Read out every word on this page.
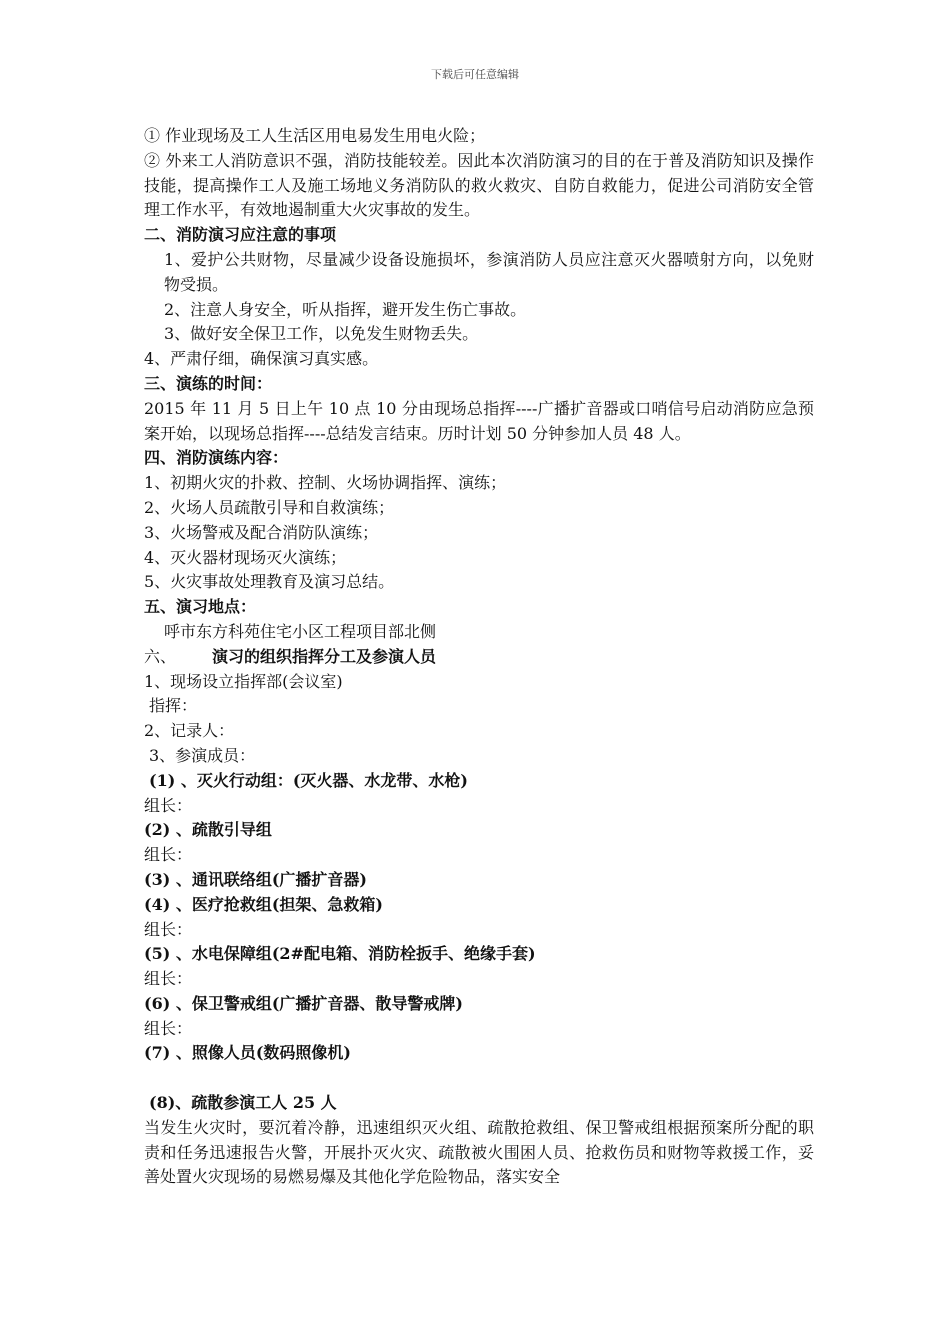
下载后可任意编辑
① 作业现场及工人生活区用电易发生用电火险；
② 外来工人消防意识不强，消防技能较差。因此本次消防演习的目的在于普及消防知识及操作技能，提高操作工人及施工场地义务消防队的救火救灾、自防自救能力，促进公司消防安全管理工作水平，有效地遏制重大火灾事故的发生。
二、消防演习应注意的事项
1、爱护公共财物，尽量减少设备设施损坏，参演消防人员应注意灭火器喷射方向，以免财物受损。
2、注意人身安全，听从指挥，避开发生伤亡事故。
3、做好安全保卫工作，以免发生财物丢失。
4、严肃仔细，确保演习真实感。
三、演练的时间：
2015 年 11 月 5 日上午 10 点 10 分由现场总指挥----广播扩音器或口哨信号启动消防应急预案开始，以现场总指挥----总结发言结束。历时计划 50 分钟参加人员 48 人。
四、消防演练内容：
1、初期火灾的扑救、控制、火场协调指挥、演练；
2、火场人员疏散引导和自救演练；
3、火场警戒及配合消防队演练；
4、灭火器材现场灭火演练；
5、火灾事故处理教育及演习总结。
五、演习地点：
呼市东方科苑住宅小区工程项目部北侧
六、 演习的组织指挥分工及参演人员
1、现场设立指挥部(会议室)
指挥：
2、记录人：
3、参演成员：
(1) 、灭火行动组：(灭火器、水龙带、水枪)
组长：
(2) 、疏散引导组
组长：
(3) 、通讯联络组(广播扩音器)
(4) 、医疗抢救组(担架、急救箱)
组长：
(5) 、水电保障组(2#配电箱、消防栓扳手、绝缘手套)
组长：
(6) 、保卫警戒组(广播扩音器、散导警戒牌)
组长：
(7) 、照像人员(数码照像机)
(8)、疏散参演工人 25 人
当发生火灾时，要沉着冷静，迅速组织灭火组、疏散抢救组、保卫警戒组根据预案所分配的职责和任务迅速报告火警，开展扑灭火灾、疏散被火围困人员、抢救伤员和财物等救援工作，妥善处置火灾现场的易燃易爆及其他化学危险物品，落实安全
